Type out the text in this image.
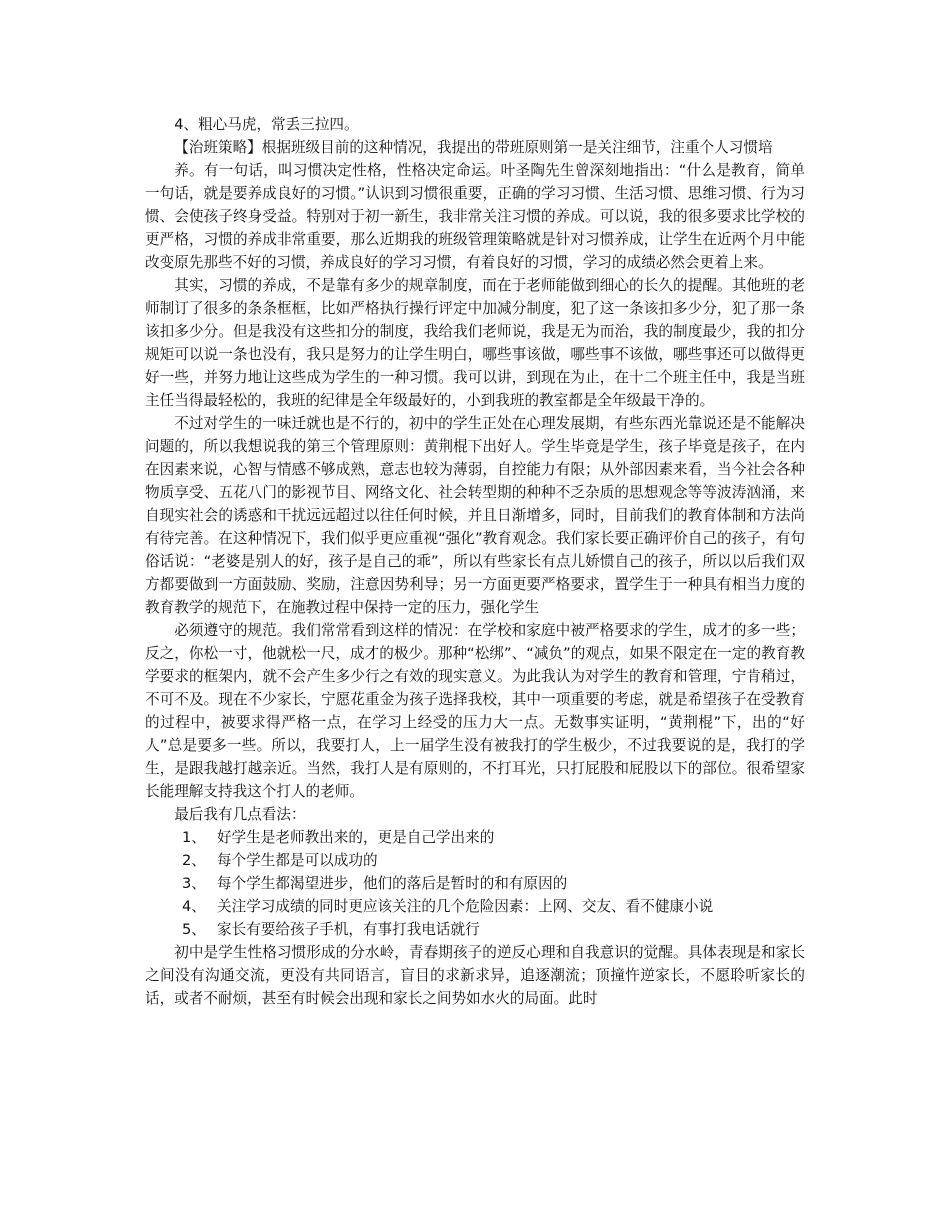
4、粗心马虎，常丢三拉四。

【治班策略】根据班级目前的这种情况，我提出的带班原则第一是关注细节，注重个人习惯培

养。有一句话，叫习惯决定性格，性格决定命运。叶圣陶先生曾深刻地指出：“什么是教育，简单一句话，就是要养成良好的习惯。”认识到习惯很重要，正确的学习习惯、生活习惯、思维习惯、行为习惯、会使孩子终身受益。特别对于初一新生，我非常关注习惯的养成。可以说，我的很多要求比学校的更严格，习惯的养成非常重要，那么近期我的班级管理策略就是针对习惯养成，让学生在近两个月中能改变原先那些不好的习惯，养成良好的学习习惯，有着良好的习惯，学习的成绩必然会更着上来。

其实，习惯的养成，不是靠有多少的规章制度，而在于老师能做到细心的长久的提醒。其他班的老师制订了很多的条条框框，比如严格执行操行评定中加减分制度，犯了这一条该扣多少分，犯了那一条该扣多少分。但是我没有这些扣分的制度，我给我们老师说，我是无为而治，我的制度最少，我的扣分规矩可以说一条也没有，我只是努力的让学生明白，哪些事该做，哪些事不该做，哪些事还可以做得更好一些，并努力地让这些成为学生的一种习惯。我可以讲，到现在为止，在十二个班主任中，我是当班主任当得最轻松的，我班的纪律是全年级最好的，小到我班的教室都是全年级最干净的。

不过对学生的一味迁就也是不行的，初中的学生正处在心理发展期，有些东西光靠说还是不能解决问题的，所以我想说我的第三个管理原则：黄荆棍下出好人。学生毕竟是学生，孩子毕竟是孩子，在内在因素来说，心智与情感不够成熟，意志也较为薄弱，自控能力有限；从外部因素来看，当今社会各种物质享受、五花八门的影视节目、网络文化、社会转型期的种种不乏杂质的思想观念等等波涛汹涌，来自现实社会的诱惑和干扰远远超过以往任何时候，并且日渐增多，同时，目前我们的教育体制和方法尚有待完善。在这种情况下，我们似乎更应重视“强化”教育观念。我们家长要正确评价自己的孩子，有句俗话说：“老婆是别人的好，孩子是自己的乖”，所以有些家长有点儿娇惯自己的孩子，所以以后我们双方都要做到一方面鼓励、奖励，注意因势利导；另一方面更要严格要求，置学生于一种具有相当力度的教育教学的规范下，在施教过程中保持一定的压力，强化学生

必须遵守的规范。我们常常看到这样的情况：在学校和家庭中被严格要求的学生，成才的多一些；反之，你松一寸，他就松一尺，成才的极少。那种“松绑”、“减负”的观点，如果不限定在一定的教育教学要求的框架内，就不会产生多少行之有效的现实意义。为此我认为对学生的教育和管理，宁肯稍过，不可不及。现在不少家长，宁愿花重金为孩子选择我校，其中一项重要的考虑，就是希望孩子在受教育的过程中，被要求得严格一点，在学习上经受的压力大一点。无数事实证明，“黄荆棍”下，出的“好人”总是要多一些。所以，我要打人，上一届学生没有被我打的学生极少，不过我要说的是，我打的学生，是跟我越打越亲近。当然，我打人是有原则的，不打耳光，只打屁股和屁股以下的部位。很希望家长能理解支持我这个打人的老师。

最后我有几点看法：

1、 好学生是老师教出来的，更是自己学出来的
2、 每个学生都是可以成功的
3、 每个学生都渴望进步，他们的落后是暂时的和有原因的
4、 关注学习成绩的同时更应该关注的几个危险因素：上网、交友、看不健康小说
5、 家长有要给孩子手机，有事打我电话就行

初中是学生性格习惯形成的分水岭，青春期孩子的逆反心理和自我意识的觉醒。具体表现是和家长之间没有沟通交流，更没有共同语言，盲目的求新求异，追逐潮流；顶撞忤逆家长，不愿聆听家长的话，或者不耐烦，甚至有时候会出现和家长之间势如水火的局面。此时
